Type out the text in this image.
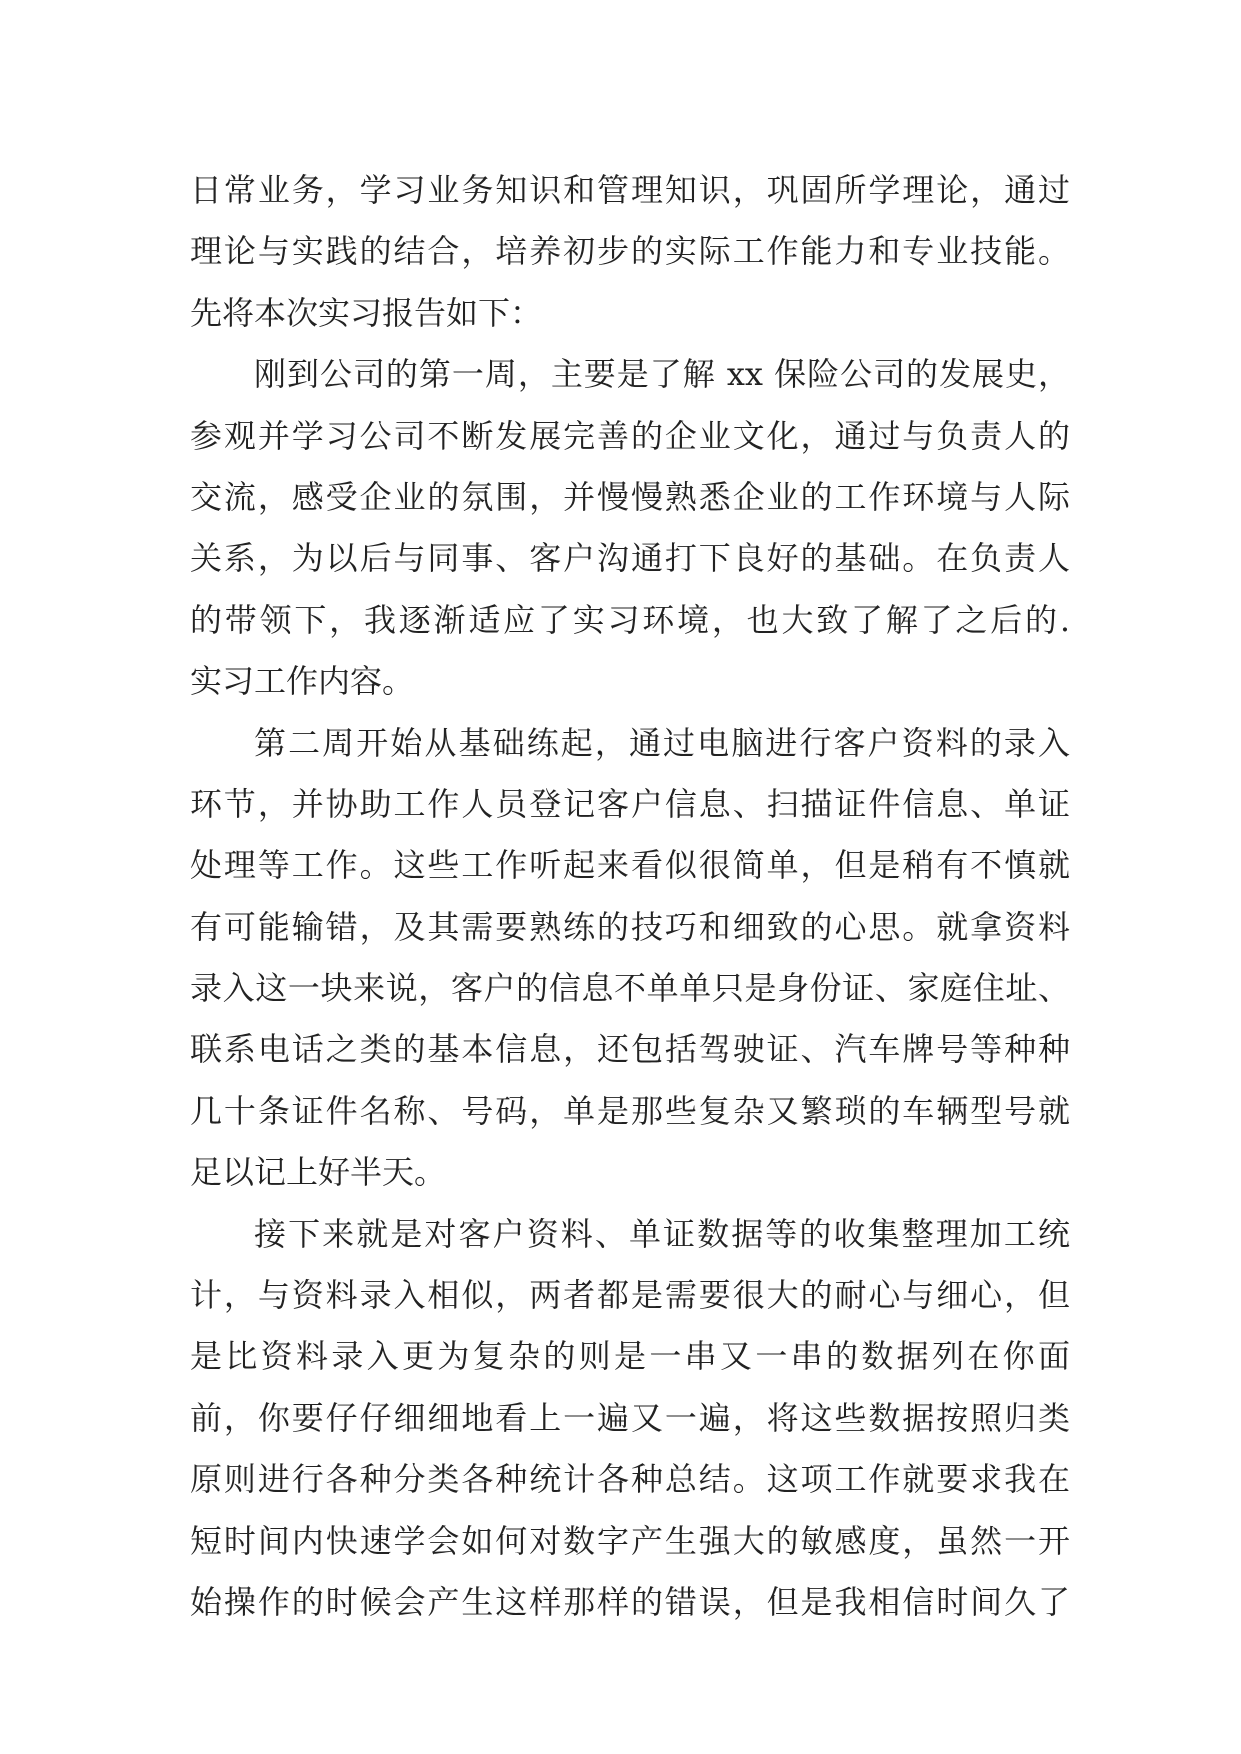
日常业务，学习业务知识和管理知识，巩固所学理论，通过
理论与实践的结合，培养初步的实际工作能力和专业技能。
先将本次实习报告如下：
刚到公司的第一周，主要是了解 xx 保险公司的发展史，
参观并学习公司不断发展完善的企业文化，通过与负责人的
交流，感受企业的氛围，并慢慢熟悉企业的工作环境与人际
关系，为以后与同事、客户沟通打下良好的基础。在负责人
的带领下，我逐渐适应了实习环境，也大致了解了之后的.
实习工作内容。
第二周开始从基础练起，通过电脑进行客户资料的录入
环节，并协助工作人员登记客户信息、扫描证件信息、单证
处理等工作。这些工作听起来看似很简单，但是稍有不慎就
有可能输错，及其需要熟练的技巧和细致的心思。就拿资料
录入这一块来说，客户的信息不单单只是身份证、家庭住址、
联系电话之类的基本信息，还包括驾驶证、汽车牌号等种种
几十条证件名称、号码，单是那些复杂又繁琐的车辆型号就
足以记上好半天。
接下来就是对客户资料、单证数据等的收集整理加工统
计，与资料录入相似，两者都是需要很大的耐心与细心，但
是比资料录入更为复杂的则是一串又一串的数据列在你面
前，你要仔仔细细地看上一遍又一遍，将这些数据按照归类
原则进行各种分类各种统计各种总结。这项工作就要求我在
短时间内快速学会如何对数字产生强大的敏感度，虽然一开
始操作的时候会产生这样那样的错误，但是我相信时间久了
